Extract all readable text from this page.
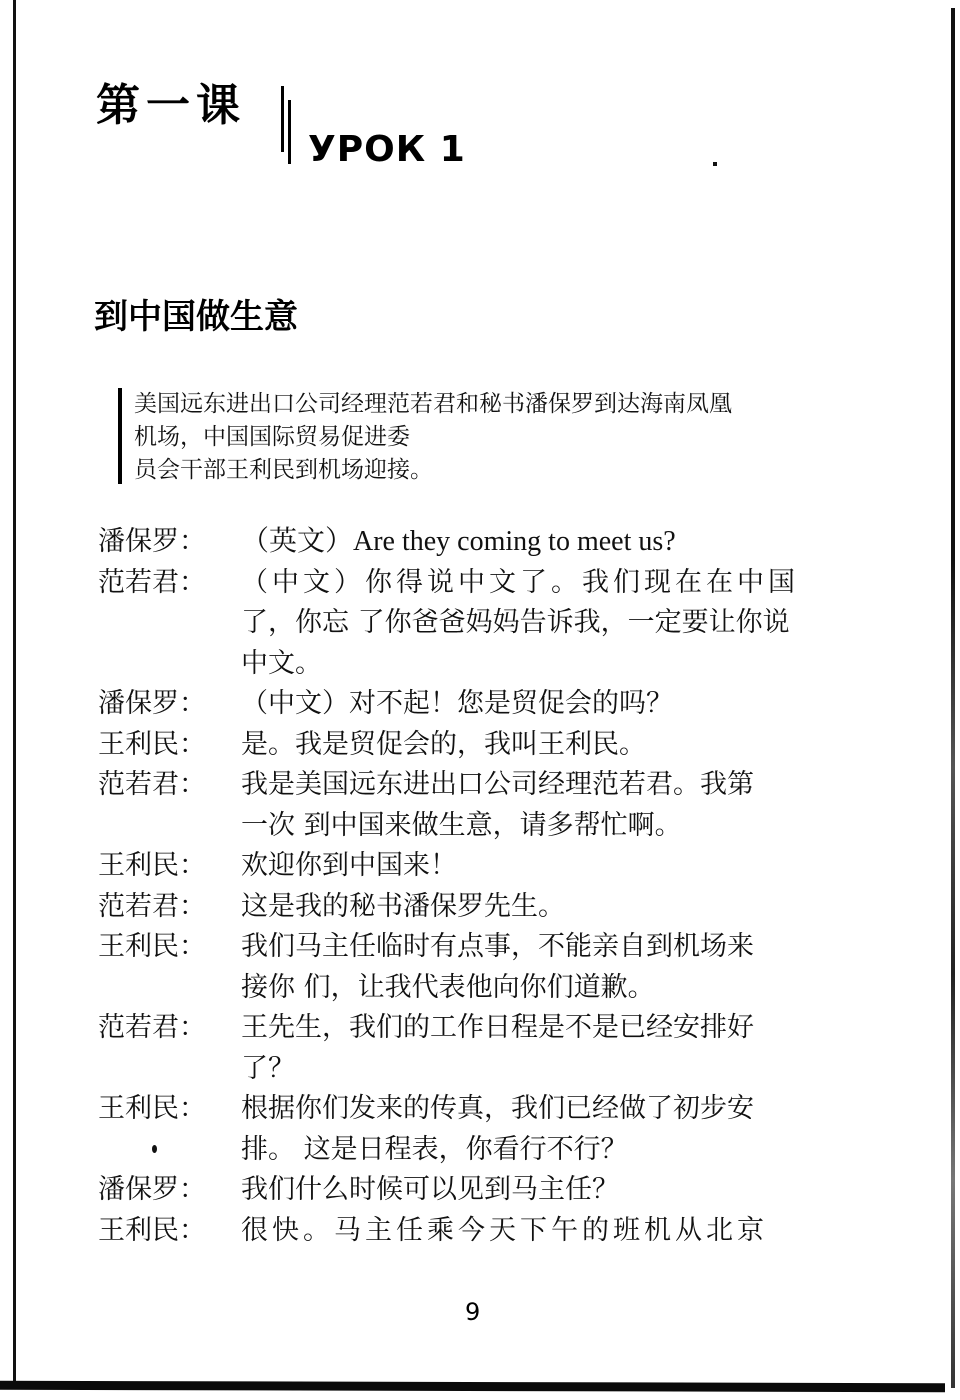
第一课
УРОК 1
到中国做生意
美国远东进出口公司经理范若君和秘书潘保罗到达海南凤凰
机场，中国国际贸易促进委
员会干部王利民到机场迎接。
潘保罗：	（英文）Are they coming to meet us?
范若君：	（中文）你得说中文了。我们现在在中国
了，你忘 了你爸爸妈妈告诉我，一定要让你说
中文。
潘保罗：	（中文）对不起！您是贸促会的吗？
王利民：	是。我是贸促会的，我叫王利民。
范若君：	我是美国远东进出口公司经理范若君。我第
一次 到中国来做生意，请多帮忙啊。
王利民：	欢迎你到中国来！
范若君：	这是我的秘书潘保罗先生。
王利民：	我们马主任临时有点事，不能亲自到机场来
接你 们，让我代表他向你们道歉。
范若君：	王先生，我们的工作日程是不是已经安排好
了？
王利民：	根据你们发来的传真，我们已经做了初步安
排。 这是日程表，你看行不行？
潘保罗：	我们什么时候可以见到马主任？
王利民：	很快。马主任乘今天下午的班机从北京
9
